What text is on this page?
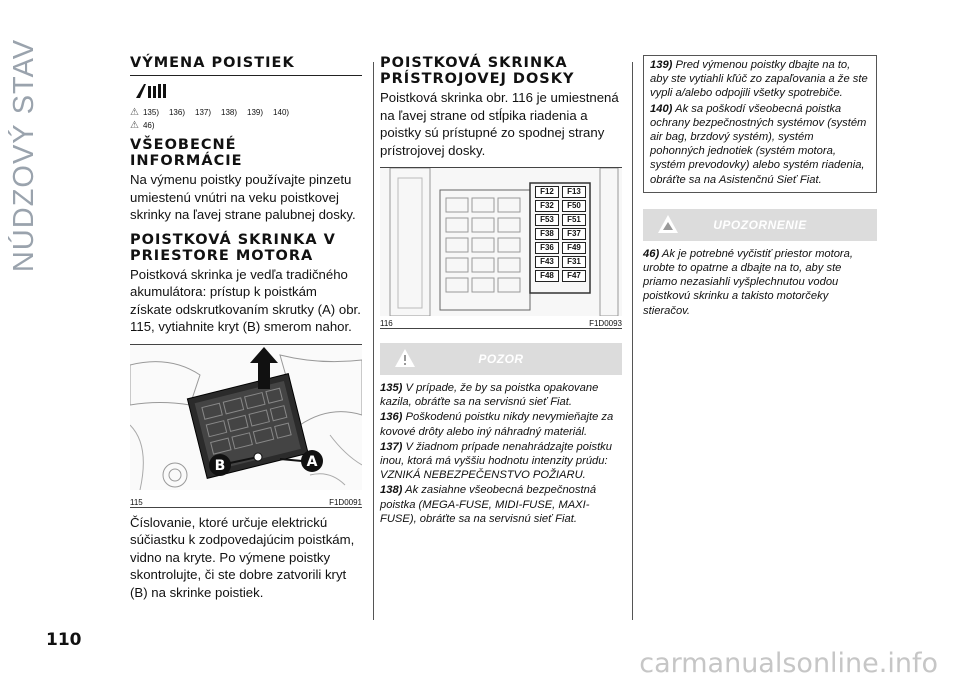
NÚDZOVÝ STAV	VÝMENA POISTIEK
⚠ 135) 136) 137) 138) 139) 140)
⚠ 46)
VŠEOBECNÉ
INFORMÁCIE

Na výmenu poistky používajte pinzetu umiestenú vnútri na veku poistkovej skrinky na ľavej strane palubnej dosky.

POISTKOVÁ SKRINKA V
PRIESTORE MOTORA

Poistková skrinka je vedľa tradičného akumulátora: prístup k poistkám získate odskrutkovaním skrutky (A) obr. 115, vytiahnite kryt (B) smerom nahor.

B	A
115	F1D0091

Číslovanie, ktoré určuje elektrickú súčiastku k zodpovedajúcim poistkám, vidno na kryte. Po výmene poistky skontrolujte, či ste dobre zatvorili kryt (B) na skrinke poistiek.

POISTKOVÁ SKRINKA
PRÍSTROJOVEJ DOSKY

Poistková skrinka obr. 116 je umiestnená na ľavej strane od stĺpika riadenia a poistky sú prístupné zo spodnej strany prístrojovej dosky.

F12	F13
F32	F50
F53	F51
F38	F37
F36	F49
F43	F31
F48	F47
116	F1D0093
POZOR

135) V prípade, že by sa poistka opakovane kazila, obráťte sa na servisnú sieť Fiat.

136) Poškodenú poistku nikdy nevymieňajte za kovové drôty alebo iný náhradný materiál.

137) V žiadnom prípade nenahrádzajte poistku inou, ktorá má vyššiu hodnotu intenzity prúdu: VZNIKÁ NEBEZPEČENSTVO POŽIARU.

138) Ak zasiahne všeobecná bezpečnostná poistka (MEGA-FUSE, MIDI-FUSE, MAXI-FUSE), obráťte sa na servisnú sieť Fiat.

139) Pred výmenou poistky dbajte na to, aby ste vytiahli kľúč zo zapaľovania a že ste vypli a/alebo odpojili všetky spotrebiče.

140) Ak sa poškodí všeobecná poistka ochrany bezpečnostných systémov (systém air bag, brzdový systém), systém pohonných jednotiek (systém motora, systém prevodovky) alebo systém riadenia, obráťte sa na Asistenčnú Sieť Fiat.

UPOZORNENIE

46) Ak je potrebné vyčistiť priestor motora, urobte to opatrne a dbajte na to, aby ste priamo nezasiahli vyšplechnutou vodou poistkovú skrinku a takisto motorčeky stieračov.

110
carmanualsonline.info
